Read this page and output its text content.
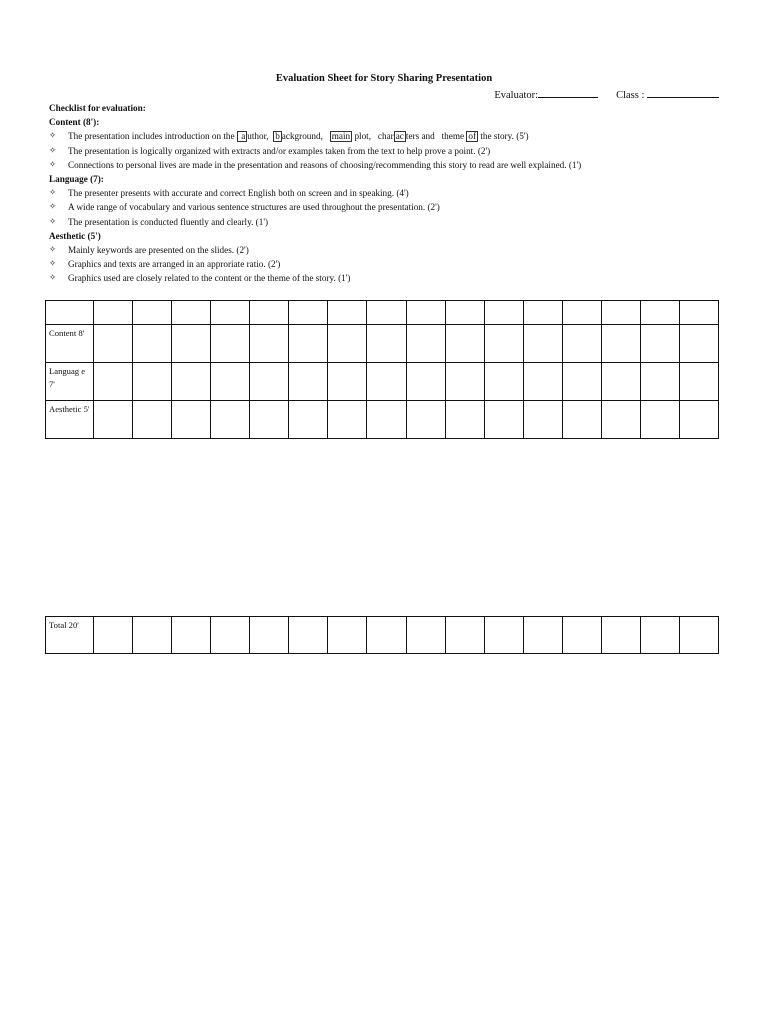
Evaluation Sheet for Story Sharing Presentation
Evaluator:	Class :
Checklist for evaluation:
Content (8'):
✧	The presentation includes introduction on the  a uthor,  b ackground,   main plot,   char ac ters and   theme of the story. (5')
✧	The presentation is logically organized with extracts and/or examples taken from the text to help prove a point. (2')
✧	Connections to personal lives are made in the presentation and reasons of choosing/recommending this story to read are well explained. (1')
Language (7):
✧	The presenter presents with accurate and correct English both on screen and in speaking. (4')
✧	A wide range of vocabulary and various sentence structures are used throughout the presentation. (2')
✧	The presentation is conducted fluently and clearly. (1')
Aesthetic (5')
✧	Mainly keywords are presented on the slides. (2')
✧	Graphics and texts are arranged in an approriate ratio. (2')
✧	Graphics used are closely related to the content or the theme of the story. (1')

Content 8'																
Languag e 7'																
Aesthetic 5'																
Total 20'																
